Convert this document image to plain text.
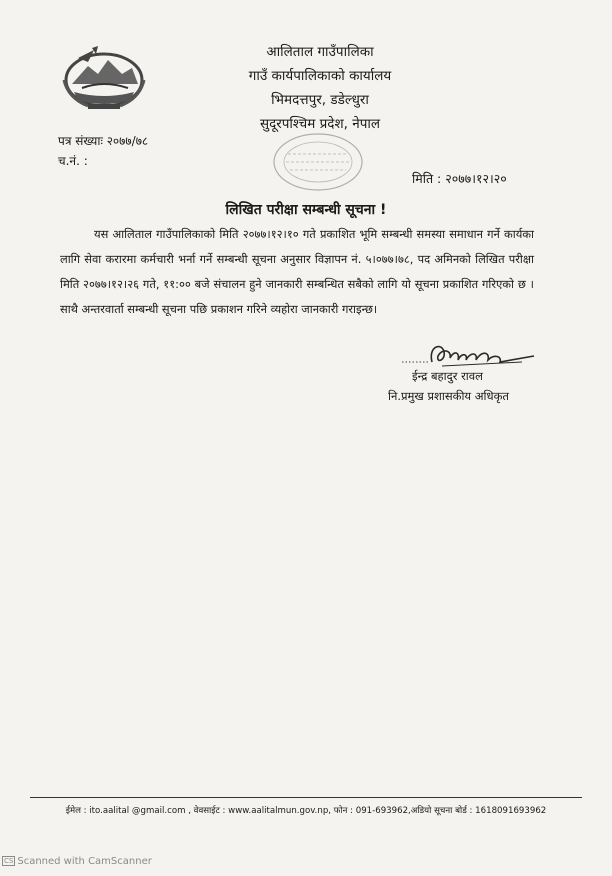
आलिताल गाउँपालिका
गाउँ कार्यपालिकाको कार्यालय
भिमदत्तपुर, डडेल्धुरा
सुदूरपश्चिम प्रदेश, नेपाल
पत्र संख्याः २०७७/७८
च.नं. :
मिति : २०७७।१२।२०
लिखित परीक्षा सम्बन्धी सूचना !
यस आलिताल गाउँपालिकाको मिति २०७७।१२।१० गते प्रकाशित भूमि सम्बन्धी समस्या समाधान गर्ने कार्यका लागि सेवा करारमा कर्मचारी भर्ना गर्ने सम्बन्धी सूचना अनुसार विज्ञापन नं. ५।०७७।७८, पद अमिनको लिखित परीक्षा मिति २०७७।१२।२६ गते, ११:०० बजे संचालन हुने जानकारी सम्बन्धित सबैको लागि यो सूचना प्रकाशित गरिएको छ । साथै अन्तरवार्ता सम्बन्धी सूचना पछि प्रकाशन गरिने व्यहोरा जानकारी गराइन्छ।
ईन्द्र बहादुर रावल
नि.प्रमुख प्रशासकीय अधिकृत
ईमेल : ito.aalital @gmail.com , वेवसाईट : www.aalitalmun.gov.np, फोन : 091-693962,अडियो सूचना बोर्ड : 1618091693962
CS Scanned with CamScanner
